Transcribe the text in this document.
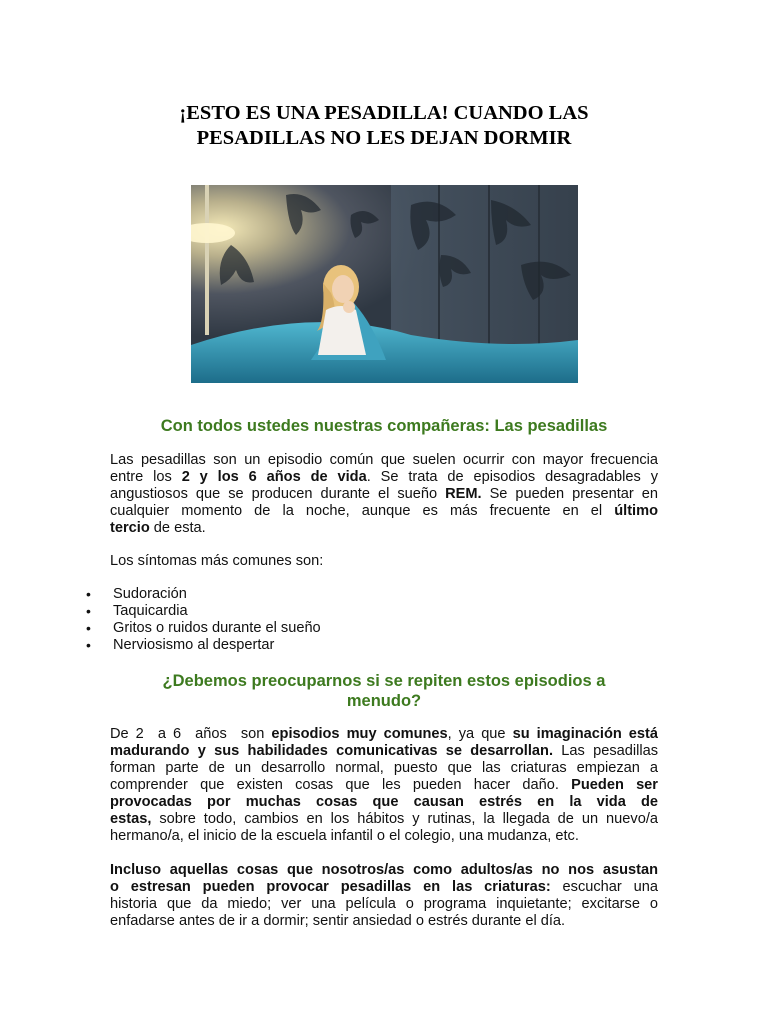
¡ESTO ES UNA PESADILLA! CUANDO LAS
PESADILLAS NO LES DEJAN DORMIR
Con todos ustedes nuestras compañeras: Las pesadillas
Las pesadillas son un episodio común que suelen ocurrir con mayor frecuencia
entre los 2 y los 6 años de vida. Se trata de episodios desagradables y
angustiosos que se producen durante el sueño REM. Se pueden presentar en
cualquier momento de la noche, aunque es más frecuente en el último
tercio de esta.
Los síntomas más comunes son:
• Sudoración
• Taquicardia
• Gritos o ruidos durante el sueño
• Nerviosismo al despertar
¿Debemos preocuparnos si se repiten estos episodios a
menudo?
De 2  a 6  años  son episodios muy comunes, ya que su imaginación está
madurando y sus habilidades comunicativas se desarrollan. Las pesadillas
forman parte de un desarrollo normal, puesto que las criaturas empiezan a
comprender que existen cosas que les pueden hacer daño. Pueden ser
provocadas por muchas cosas que causan estrés en la vida de
estas, sobre todo, cambios en los hábitos y rutinas, la llegada de un nuevo/a
hermano/a, el inicio de la escuela infantil o el colegio, una mudanza, etc.
Incluso aquellas cosas que nosotros/as como adultos/as no nos asustan
o estresan pueden provocar pesadillas en las criaturas: escuchar una
historia que da miedo; ver una película o programa inquietante; excitarse o
enfadarse antes de ir a dormir; sentir ansiedad o estrés durante el día.
